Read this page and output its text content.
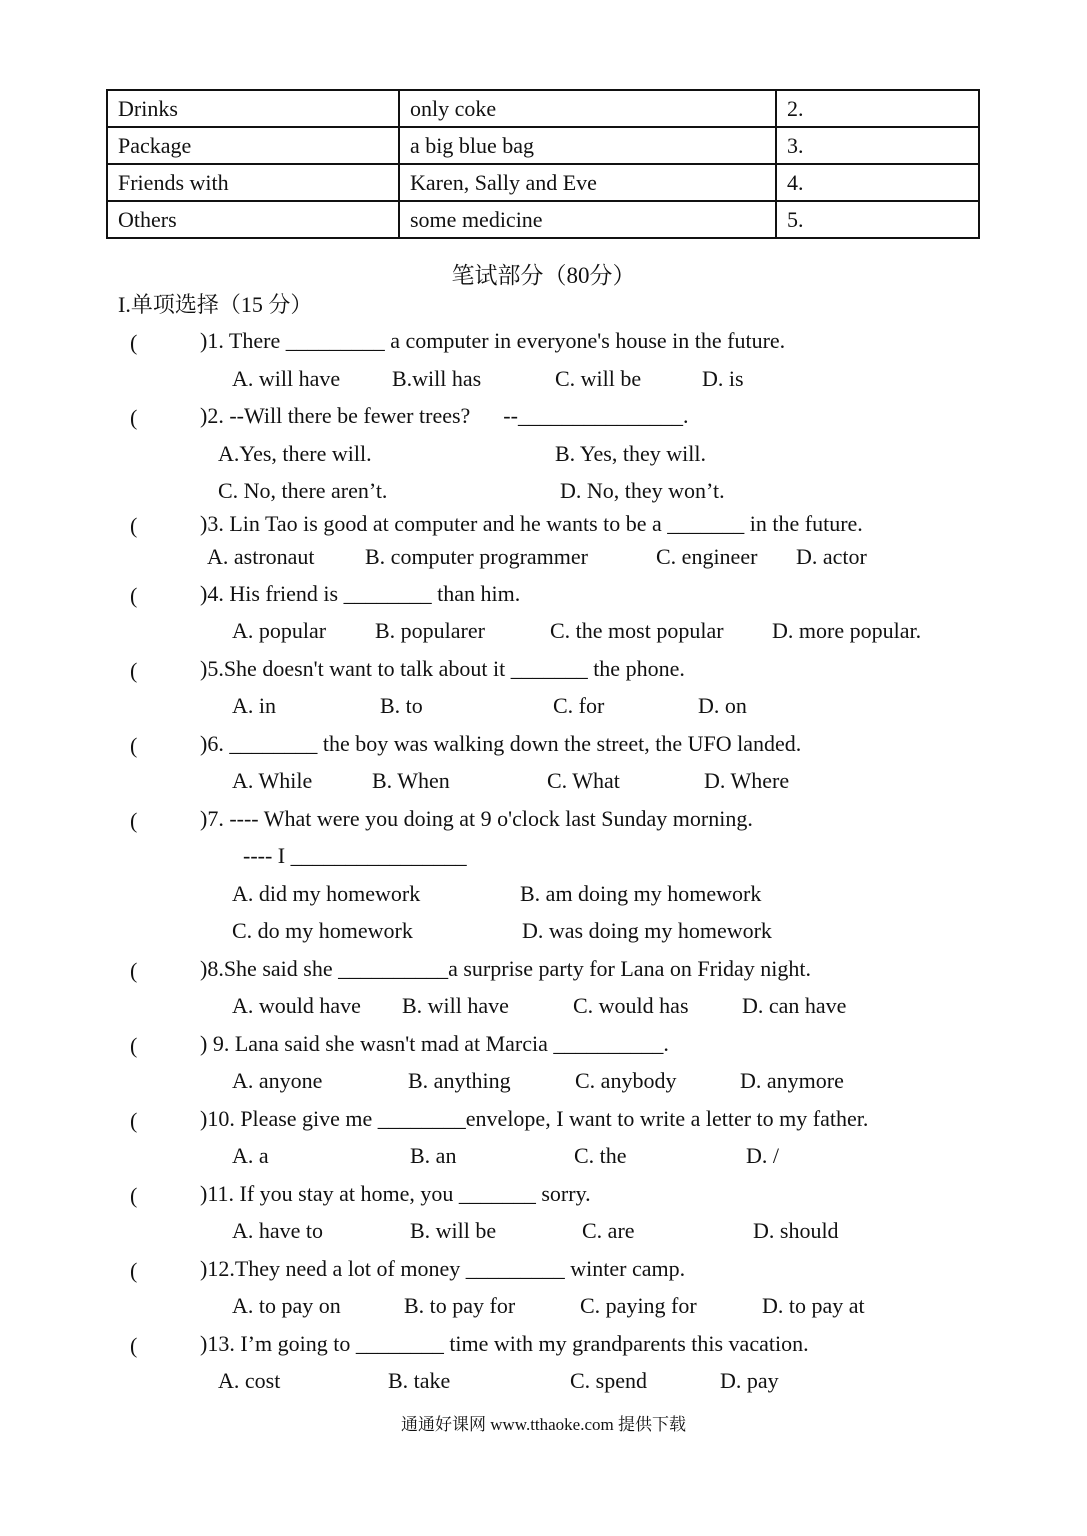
Drinks	only coke	2.
Package	a big blue bag	3.
Friends with	Karen, Sally and Eve	4.
Others	some medicine	5.
笔试部分（80分）
I.单项选择（15 分）
(	)1. There _________ a computer in everyone's house in the future.
A. will have B.will has	C. will be	D. is
(	)2. --Will there be fewer trees?      --_______________.
A.Yes, there will.	B. Yes, they will.
C. No, there aren’t.	D. No, they won’t.
(	)3. Lin Tao is good at computer and he wants to be a _______ in the future.
A. astronaut B. computer programmer	C. engineer D. actor
(	)4. His friend is ________ than him.
A. popular B. popularer	C. the most popular D. more popular.
(	)5.She doesn't want to talk about it _______ the phone.
A. in	B. to	C. for	D. on
(	)6. ________ the boy was walking down the street, the UFO landed.
A. While	B. When	C. What	D. Where
(	)7. ---- What were you doing at 9 o'clock last Sunday morning.
---- I ________________
A. did my homework	B. am doing my homework
C. do my homework	D. was doing my homework
(	)8.She said she __________a surprise party for Lana on Friday night.
A. would have B. will have	C. would has D. can have
(	) 9. Lana said she wasn't mad at Marcia __________.
A. anyone	B. anything	C. anybody	D. anymore
(	)10. Please give me ________envelope, I want to write a letter to my father.
A. a	B. an	C. the	D. /
(	)11. If you stay at home, you _______ sorry.
A. have to	B. will be	C. are	D. should
(	)12.They need a lot of money _________ winter camp.
A. to pay on	B. to pay for	C. paying for	D. to pay at
(	)13. I’m going to ________ time with my grandparents this vacation.
A. cost	B. take	C. spend	D. pay
通通好课网 www.tthaoke.com 提供下载
